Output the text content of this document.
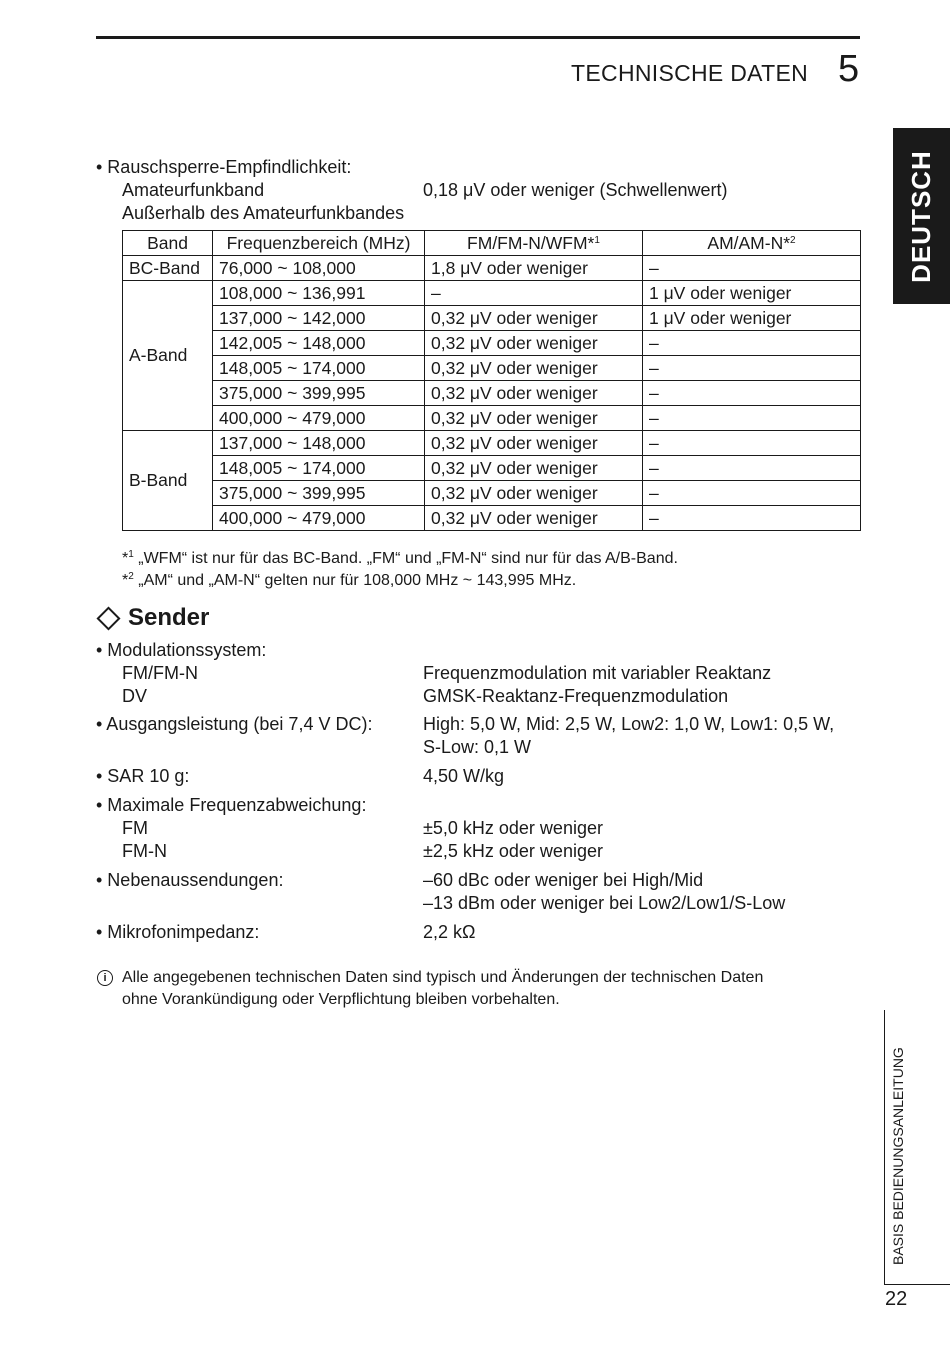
TECHNISCHE DATEN 5
DEUTSCH
• Rauschsperre-Empfindlichkeit:
Amateurfunkband	0,18 μV oder weniger (Schwellenwert)
Außerhalb des Amateurfunkbandes
Band	Frequenzbereich (MHz)	FM/FM-N/WFM*$^1$	AM/AM-N*$^2$
BC-Band	76,000 ~ 108,000	1,8 μV oder weniger	–
A-Band	108,000 ~ 136,991	–	1 μV oder weniger
	137,000 ~ 142,000	0,32 μV oder weniger	1 μV oder weniger
	142,005 ~ 148,000	0,32 μV oder weniger	–
	148,005 ~ 174,000	0,32 μV oder weniger	–
	375,000 ~ 399,995	0,32 μV oder weniger	–
	400,000 ~ 479,000	0,32 μV oder weniger	–
B-Band	137,000 ~ 148,000	0,32 μV oder weniger	–
	148,005 ~ 174,000	0,32 μV oder weniger	–
	375,000 ~ 399,995	0,32 μV oder weniger	–
	400,000 ~ 479,000	0,32 μV oder weniger	–
*$^1$ „WFM“ ist nur für das BC-Band. „FM“ und „FM-N“ sind nur für das A/B-Band.
*$^2$ „AM“ und „AM-N“ gelten nur für 108,000 MHz ~ 143,995 MHz.
Sender
• Modulationssystem:
FM/FM-N	Frequenzmodulation mit variabler Reaktanz
DV	GMSK-Reaktanz-Frequenzmodulation
• Ausgangsleistung (bei 7,4 V DC):	High: 5,0 W, Mid: 2,5 W, Low2: 1,0 W, Low1: 0,5 W,
S-Low: 0,1 W
• SAR 10 g:	4,50 W/kg
• Maximale Frequenzabweichung:
FM	±5,0 kHz oder weniger
FM-N	±2,5 kHz oder weniger
• Nebenaussendungen:	–60 dBc oder weniger bei High/Mid
–13 dBm oder weniger bei Low2/Low1/S-Low
• Mikrofonimpedanz:	2,2 kΩ
i Alle angegebenen technischen Daten sind typisch und Änderungen der technischen Daten
ohne Vorankündigung oder Verpflichtung bleiben vorbehalten.
BASIS BEDIENUNGSANLEITUNG
22
